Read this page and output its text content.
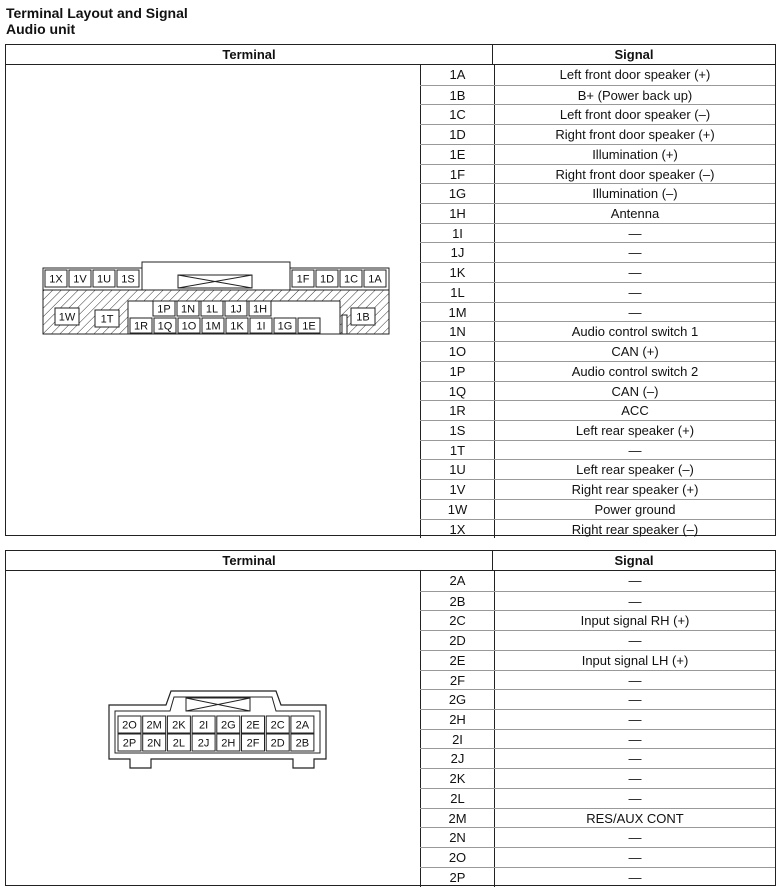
Terminal Layout and Signal
Audio unit
Terminal	Signal
1X 1V 1U 1S	1F 1D 1C 1A
1P 1N 1L 1J 1H
1R 1Q 1O 1M 1K 1I 1G 1E
1W 1T	1B
1A	Left front door speaker (+)
1B	B+ (Power back up)
1C	Left front door speaker (–)
1D	Right front door speaker (+)
1E	Illumination (+)
1F	Right front door speaker (–)
1G	Illumination (–)
1H	Antenna
1I	—
1J	—
1K	—
1L	—
1M	—
1N	Audio control switch 1
1O	CAN (+)
1P	Audio control switch 2
1Q	CAN (–)
1R	ACC
1S	Left rear speaker (+)
1T	—
1U	Left rear speaker (–)
1V	Right rear speaker (+)
1W	Power ground
1X	Right rear speaker (–)
Terminal	Signal
2O 2M 2K 2I 2G 2E 2C 2A
2P 2N 2L 2J 2H 2F 2D 2B
2A	—
2B	—
2C	Input signal RH (+)
2D	—
2E	Input signal LH (+)
2F	—
2G	—
2H	—
2I	—
2J	—
2K	—
2L	—
2M	RES/AUX CONT
2N	—
2O	—
2P	—
